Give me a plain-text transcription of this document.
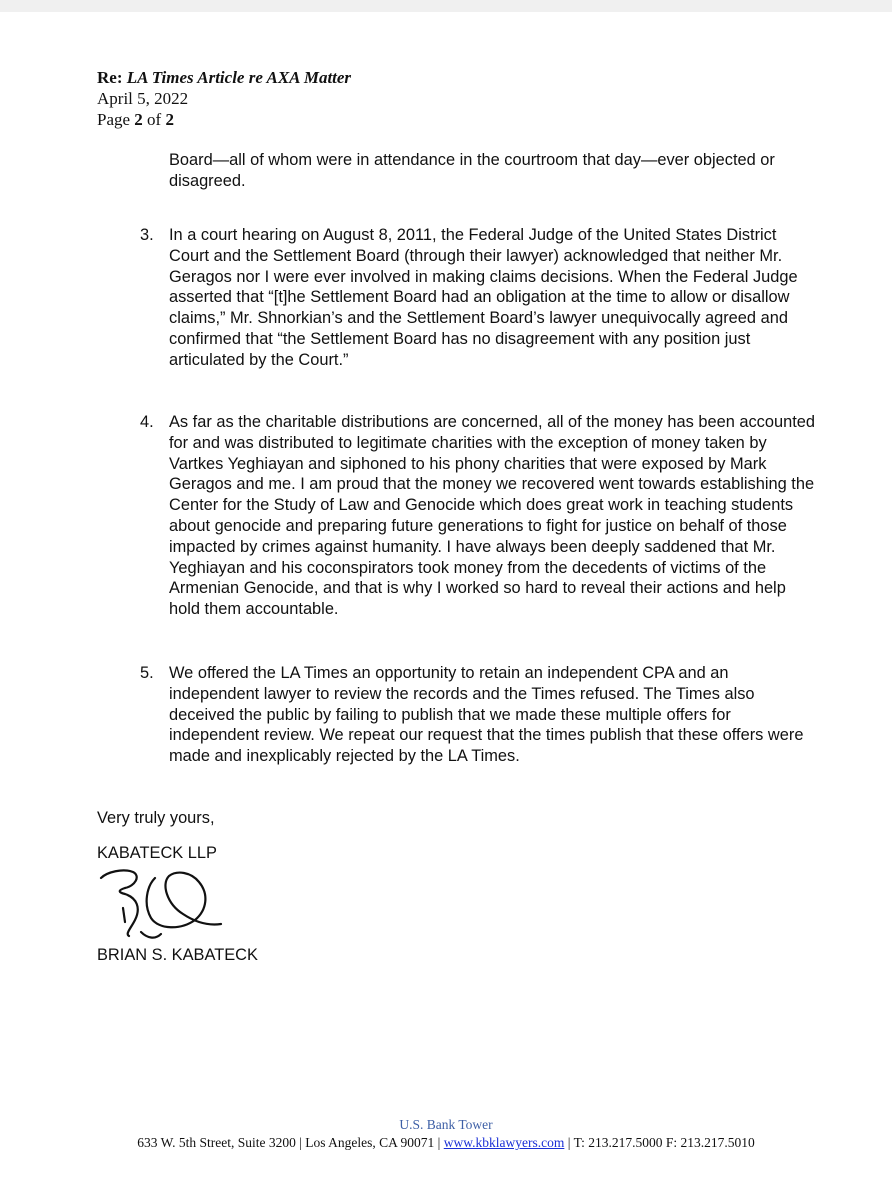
Re: LA Times Article re AXA Matter
April 5, 2022
Page 2 of 2
Board—all of whom were in attendance in the courtroom that day—ever objected or disagreed.
3. In a court hearing on August 8, 2011, the Federal Judge of the United States District Court and the Settlement Board (through their lawyer) acknowledged that neither Mr. Geragos nor I were ever involved in making claims decisions. When the Federal Judge asserted that “[t]he Settlement Board had an obligation at the time to allow or disallow claims,” Mr. Shnorkian’s and the Settlement Board’s lawyer unequivocally agreed and confirmed that “the Settlement Board has no disagreement with any position just articulated by the Court.”
4. As far as the charitable distributions are concerned, all of the money has been accounted for and was distributed to legitimate charities with the exception of money taken by Vartkes Yeghiayan and siphoned to his phony charities that were exposed by Mark Geragos and me. I am proud that the money we recovered went towards establishing the Center for the Study of Law and Genocide which does great work in teaching students about genocide and preparing future generations to fight for justice on behalf of those impacted by crimes against humanity. I have always been deeply saddened that Mr. Yeghiayan and his coconspirators took money from the decedents of victims of the Armenian Genocide, and that is why I worked so hard to reveal their actions and help hold them accountable.
5. We offered the LA Times an opportunity to retain an independent CPA and an independent lawyer to review the records and the Times refused. The Times also deceived the public by failing to publish that we made these multiple offers for independent review. We repeat our request that the times publish that these offers were made and inexplicably rejected by the LA Times.
Very truly yours,
KABATECK LLP
BRIAN S. KABATECK
U.S. Bank Tower
633 W. 5th Street, Suite 3200 | Los Angeles, CA 90071 | www.kbklawyers.com | T: 213.217.5000 F: 213.217.5010
